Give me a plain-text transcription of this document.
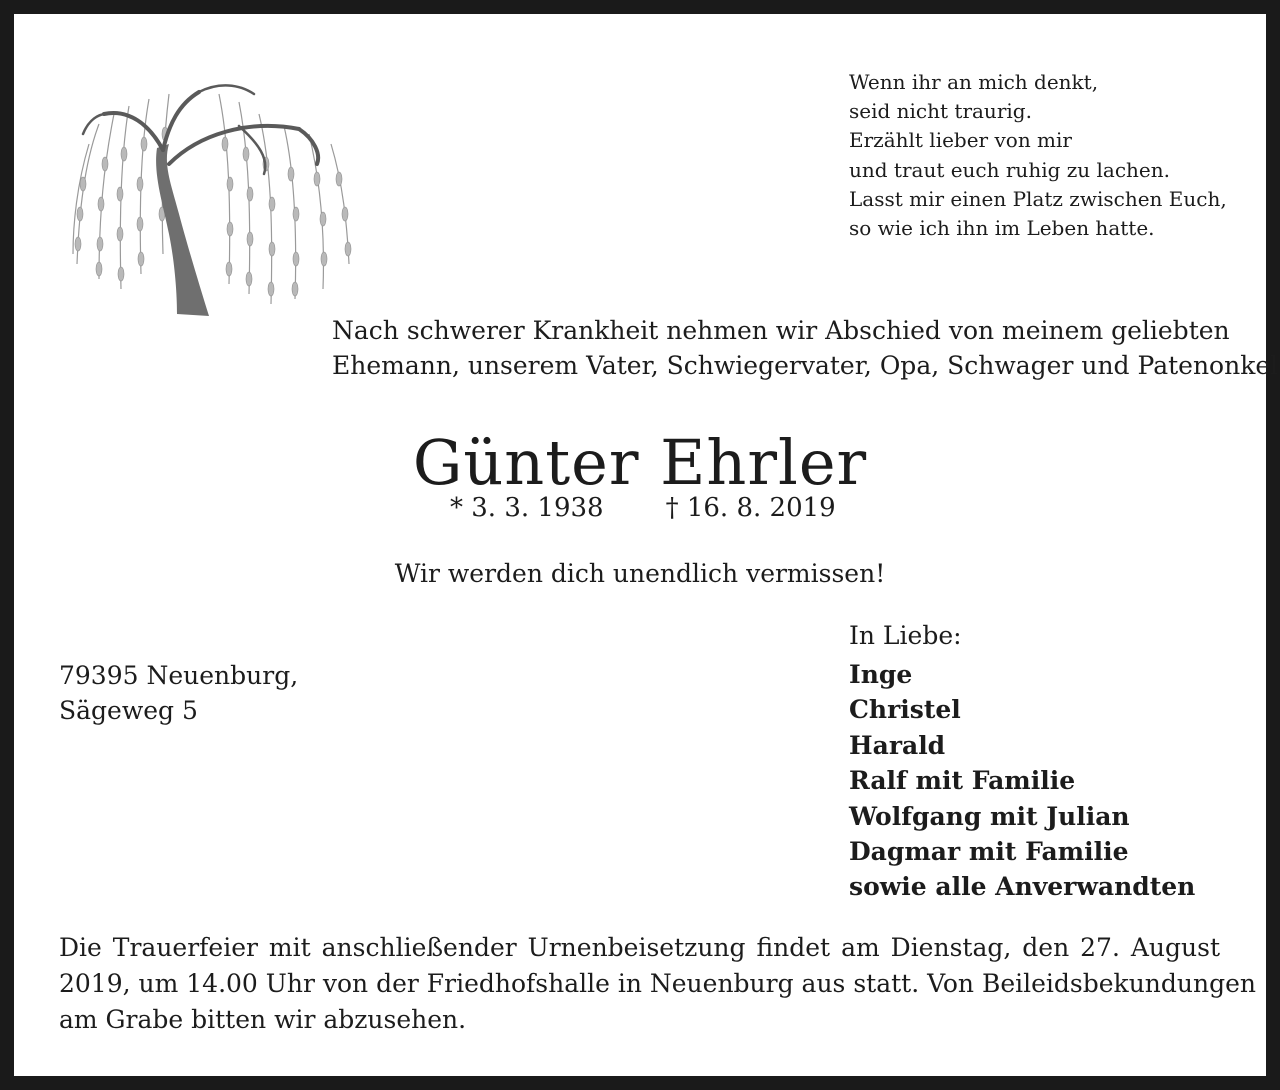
Wenn ihr an mich denkt,
seid nicht traurig.
Erzählt lieber von mir
und traut euch ruhig zu lachen.
Lasst mir einen Platz zwischen Euch,
so wie ich ihn im Leben hatte.
Nach schwerer Krankheit nehmen wir Abschied von meinem geliebten
Ehemann, unserem Vater, Schwiegervater, Opa, Schwager und Patenonkel
Günter Ehrler
* 3. 3. 1938 † 16. 8. 2019
Wir werden dich unendlich vermissen!
79395 Neuenburg,
Sägeweg 5
In Liebe:
Inge
Christel
Harald
Ralf mit Familie
Wolfgang mit Julian
Dagmar mit Familie
sowie alle Anverwandten
Die Trauerfeier mit anschließender Urnenbeisetzung findet am Dienstag, den 27. August
2019, um 14.00 Uhr von der Friedhofshalle in Neuenburg aus statt. Von Beileidsbekundungen
am Grabe bitten wir abzusehen.
